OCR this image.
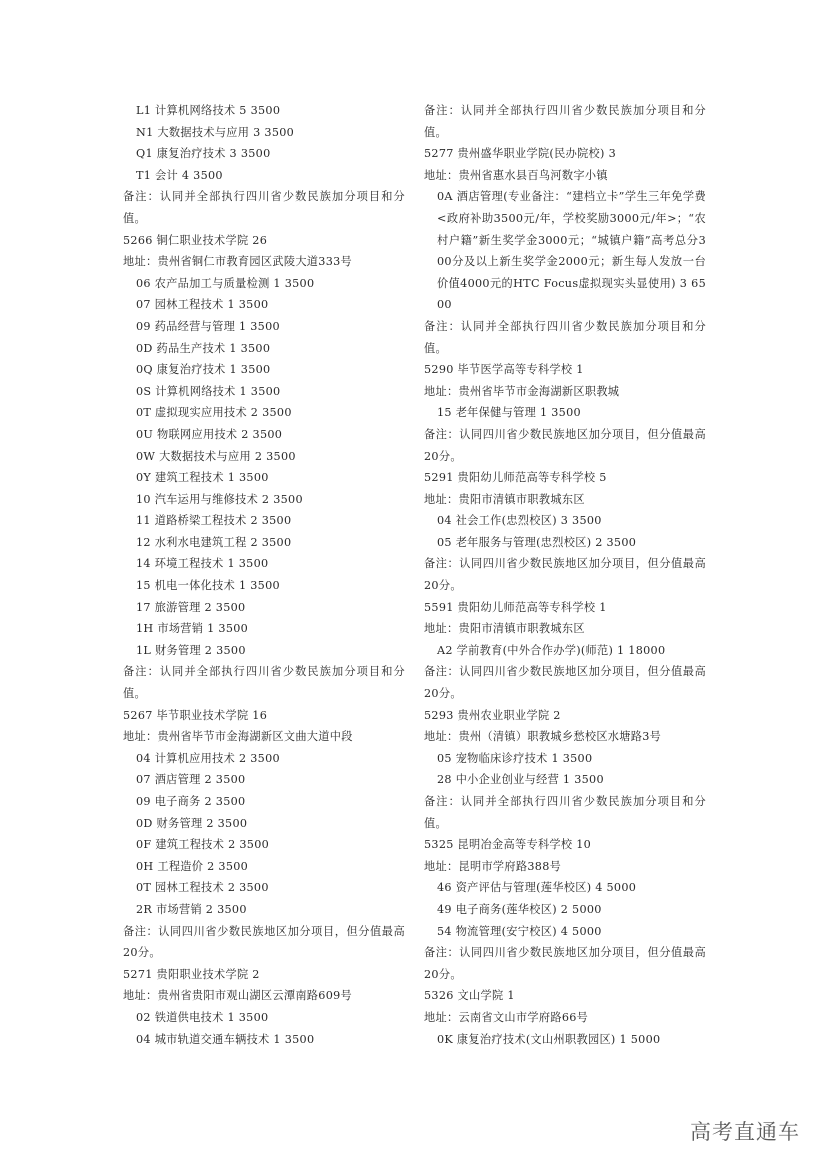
L1 计算机网络技术 5 3500
N1 大数据技术与应用 3 3500
Q1 康复治疗技术 3 3500
T1 会计 4 3500
备注：认同并全部执行四川省少数民族加分项目和分值。
5266 铜仁职业技术学院 26
地址：贵州省铜仁市教育园区武陵大道333号
06 农产品加工与质量检测 1 3500
07 园林工程技术 1 3500
09 药品经营与管理 1 3500
0D 药品生产技术 1 3500
0Q 康复治疗技术 1 3500
0S 计算机网络技术 1 3500
0T 虚拟现实应用技术 2 3500
0U 物联网应用技术 2 3500
0W 大数据技术与应用 2 3500
0Y 建筑工程技术 1 3500
10 汽车运用与维修技术 2 3500
11 道路桥梁工程技术 2 3500
12 水利水电建筑工程 2 3500
14 环境工程技术 1 3500
15 机电一体化技术 1 3500
17 旅游管理 2 3500
1H 市场营销 1 3500
1L 财务管理 2 3500
备注：认同并全部执行四川省少数民族加分项目和分值。
5267 毕节职业技术学院 16
地址：贵州省毕节市金海湖新区文曲大道中段
04 计算机应用技术 2 3500
07 酒店管理 2 3500
09 电子商务 2 3500
0D 财务管理 2 3500
0F 建筑工程技术 2 3500
0H 工程造价 2 3500
0T 园林工程技术 2 3500
2R 市场营销 2 3500
备注：认同四川省少数民族地区加分项目，但分值最高20分。
5271 贵阳职业技术学院 2
地址：贵州省贵阳市观山湖区云潭南路609号
02 铁道供电技术 1 3500
04 城市轨道交通车辆技术 1 3500
备注：认同并全部执行四川省少数民族加分项目和分值。
5277 贵州盛华职业学院(民办院校) 3
地址：贵州省惠水县百鸟河数字小镇
0A 酒店管理(专业备注：“建档立卡”学生三年免学费<政府补助3500元/年，学校奖励3000元/年>；“农村户籍”新生奖学金3000元；“城镇户籍”高考总分300分及以上新生奖学金2000元；新生每人发放一台价值4000元的HTC Focus虚拟现实头显使用) 3 6500
备注：认同并全部执行四川省少数民族加分项目和分值。
5290 毕节医学高等专科学校 1
地址：贵州省毕节市金海湖新区职教城
15 老年保健与管理 1 3500
备注：认同四川省少数民族地区加分项目，但分值最高20分。
5291 贵阳幼儿师范高等专科学校 5
地址：贵阳市清镇市职教城东区
04 社会工作(忠烈校区) 3 3500
05 老年服务与管理(忠烈校区) 2 3500
备注：认同四川省少数民族地区加分项目，但分值最高20分。
5591 贵阳幼儿师范高等专科学校 1
地址：贵阳市清镇市职教城东区
A2 学前教育(中外合作办学)(师范) 1 18000
备注：认同四川省少数民族地区加分项目，但分值最高20分。
5293 贵州农业职业学院 2
地址：贵州（清镇）职教城乡愁校区水塘路3号
05 宠物临床诊疗技术 1 3500
28 中小企业创业与经营 1 3500
备注：认同并全部执行四川省少数民族加分项目和分值。
5325 昆明冶金高等专科学校 10
地址：昆明市学府路388号
46 资产评估与管理(莲华校区) 4 5000
49 电子商务(莲华校区) 2 5000
54 物流管理(安宁校区) 4 5000
备注：认同四川省少数民族地区加分项目，但分值最高20分。
5326 文山学院 1
地址：云南省文山市学府路66号
0K 康复治疗技术(文山州职教园区) 1 5000
高考直通车
